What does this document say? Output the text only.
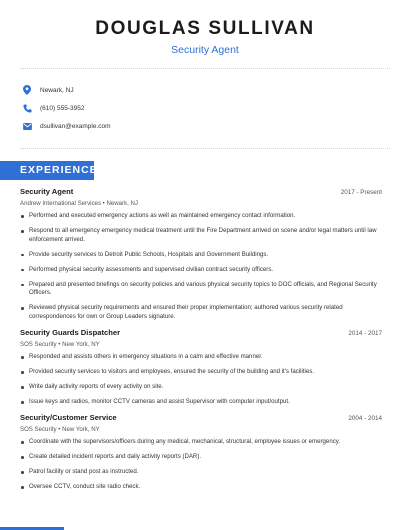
DOUGLAS SULLIVAN
Security Agent
Newark, NJ
(610) 555-3952
dsullivan@example.com
EXPERIENCE
Security Agent	2017 - Present
Andrew International Services • Newark, NJ
Performed and executed emergency actions as well as maintained emergency contact information.
Respond to all emergency emergency medical treatment until the Fire Department arrived on scene and/or legal matters until law enforcement arrived.
Provide security services to Detroit Public Schools, Hospitals and Government Buildings.
Performed physical security assessments and supervised civilian contract security officers.
Prepared and presented briefings on security policies and various physical security topics to DOC officials, and Regional Security Officers.
Reviewed physical security requirements and ensured their proper implementation; authored various security related correspondences for own or Group Leaders signature.
Security Guards Dispatcher	2014 - 2017
SOS Security • New York, NY
Responded and assists others in emergency situations in a calm and effective manner.
Provided security services to visitors and employees, ensured the security of the building and it's facilities.
Write daily activity reports of every activity on site.
Issue keys and radios, monitor CCTV cameras and assist Supervisor with computer input/output.
Security/Customer Service	2004 - 2014
SOS Security • New York, NY
Coordinate with the supervisors/officers during any medical, mechanical, structural, employee issues or emergency.
Create detailed incident reports and daily activity reports (DAR).
Patrol facility or stand post as instructed.
Oversee CCTV, conduct site radio check.
